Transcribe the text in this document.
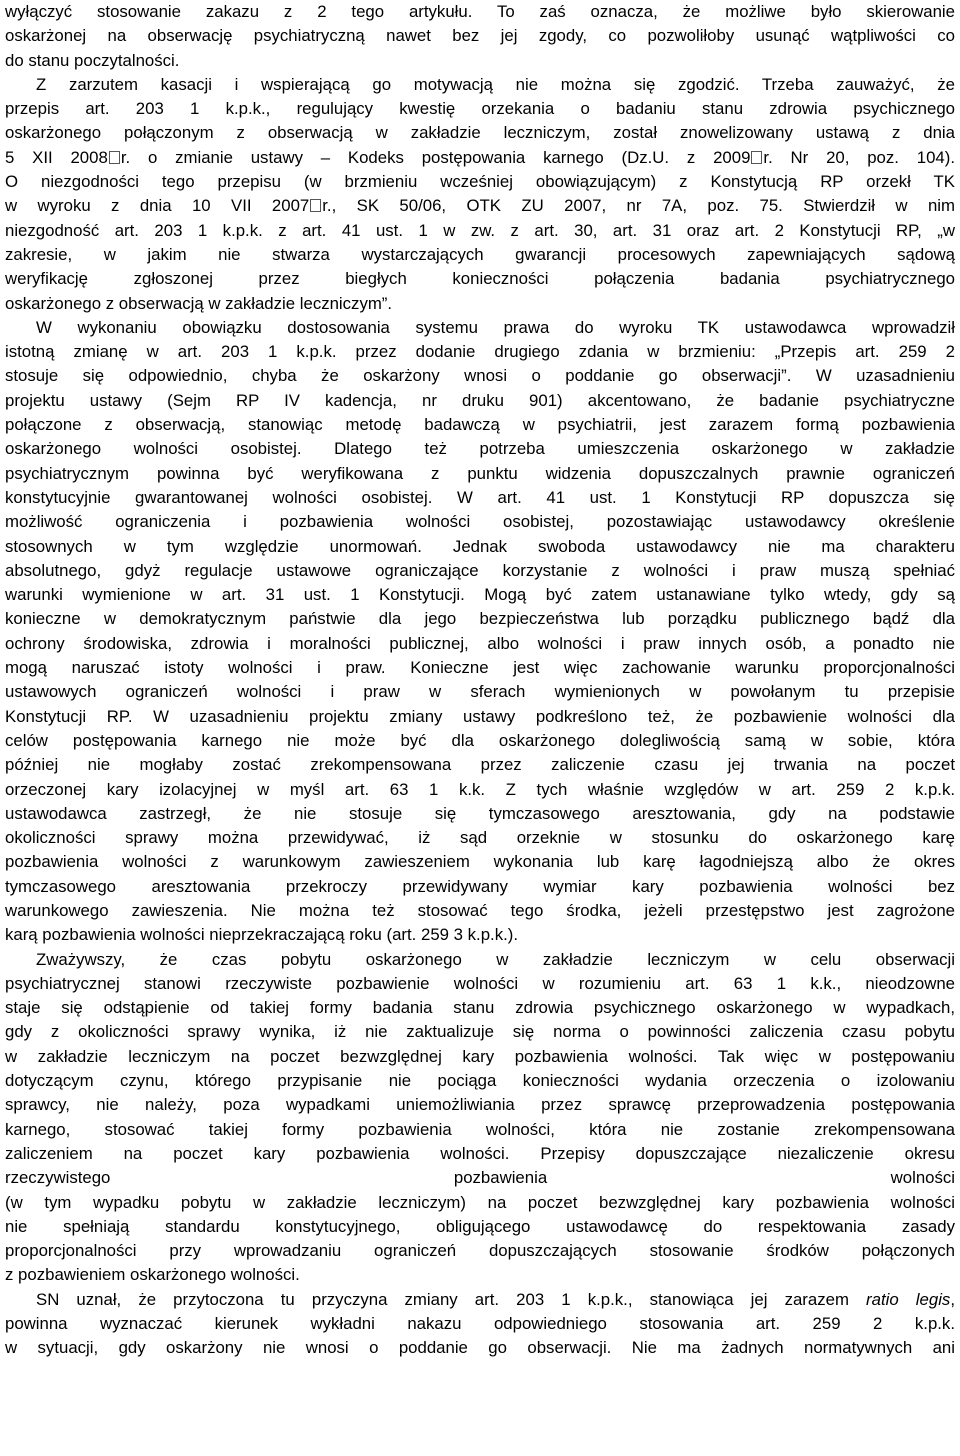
wyłączyć stosowanie zakazu z 2 tego artykułu. To zaś oznacza, że możliwe było skierowanie
oskarżonej na obserwację psychiatryczną nawet bez jej zgody, co pozwoliłoby usunąć wątpliwości co
do stanu poczytalności.
Z zarzutem kasacji i wspierającą go motywacją nie można się zgodzić. Trzeba zauważyć, że
przepis art. 203 1 k.p.k., regulujący kwestię orzekania o badaniu stanu zdrowia psychicznego
oskarżonego połączonym z obserwacją w zakładzie leczniczym, został znowelizowany ustawą z dnia
5 XII 2008 r. o zmianie ustawy – Kodeks postępowania karnego (Dz.U. z 2009 r. Nr 20, poz. 104).
O niezgodności tego przepisu (w brzmieniu wcześniej obowiązującym) z Konstytucją RP orzekł TK
w wyroku z dnia 10 VII 2007 r., SK 50/06, OTK ZU 2007, nr 7A, poz. 75. Stwierdził w nim
niezgodność art. 203 1 k.p.k. z art. 41 ust. 1 w zw. z art. 30, art. 31 oraz art. 2 Konstytucji RP, „w
zakresie, w jakim nie stwarza wystarczających gwarancji procesowych zapewniających sądową
weryfikację zgłoszonej przez biegłych konieczności połączenia badania psychiatrycznego
oskarżonego z obserwacją w zakładzie leczniczym”.
W wykonaniu obowiązku dostosowania systemu prawa do wyroku TK ustawodawca wprowadził
istotną zmianę w art. 203 1 k.p.k. przez dodanie drugiego zdania w brzmieniu: „Przepis art. 259 2
stosuje się odpowiednio, chyba że oskarżony wnosi o poddanie go obserwacji”. W uzasadnieniu
projektu ustawy (Sejm RP IV kadencja, nr druku 901) akcentowano, że badanie psychiatryczne
połączone z obserwacją, stanowiąc metodę badawczą w psychiatrii, jest zarazem formą pozbawienia
oskarżonego wolności osobistej. Dlatego też potrzeba umieszczenia oskarżonego w zakładzie
psychiatrycznym powinna być weryfikowana z punktu widzenia dopuszczalnych prawnie ograniczeń
konstytucyjnie gwarantowanej wolności osobistej. W art. 41 ust. 1 Konstytucji RP dopuszcza się
możliwość ograniczenia i pozbawienia wolności osobistej, pozostawiając ustawodawcy określenie
stosownych w tym względzie unormowań. Jednak swoboda ustawodawcy nie ma charakteru
absolutnego, gdyż regulacje ustawowe ograniczające korzystanie z wolności i praw muszą spełniać
warunki wymienione w art. 31 ust. 1 Konstytucji. Mogą być zatem ustanawiane tylko wtedy, gdy są
konieczne w demokratycznym państwie dla jego bezpieczeństwa lub porządku publicznego bądź dla
ochrony środowiska, zdrowia i moralności publicznej, albo wolności i praw innych osób, a ponadto nie
mogą naruszać istoty wolności i praw. Konieczne jest więc zachowanie warunku proporcjonalności
ustawowych ograniczeń wolności i praw w sferach wymienionych w powołanym tu przepisie
Konstytucji RP. W uzasadnieniu projektu zmiany ustawy podkreślono też, że pozbawienie wolności dla
celów postępowania karnego nie może być dla oskarżonego dolegliwością samą w sobie, która
później nie mogłaby zostać zrekompensowana przez zaliczenie czasu jej trwania na poczet
orzeczonej kary izolacyjnej w myśl art. 63 1 k.k. Z tych właśnie względów w art. 259 2 k.p.k.
ustawodawca zastrzegł, że nie stosuje się tymczasowego aresztowania, gdy na podstawie
okoliczności sprawy można przewidywać, iż sąd orzeknie w stosunku do oskarżonego karę
pozbawienia wolności z warunkowym zawieszeniem wykonania lub karę łagodniejszą albo że okres
tymczasowego aresztowania przekroczy przewidywany wymiar kary pozbawienia wolności bez
warunkowego zawieszenia. Nie można też stosować tego środka, jeżeli przestępstwo jest zagrożone
karą pozbawienia wolności nieprzekraczającą roku (art. 259 3 k.p.k.).
Zważywszy, że czas pobytu oskarżonego w zakładzie leczniczym w celu obserwacji
psychiatrycznej stanowi rzeczywiste pozbawienie wolności w rozumieniu art. 63 1 k.k., nieodzowne
staje się odstąpienie od takiej formy badania stanu zdrowia psychicznego oskarżonego w wypadkach,
gdy z okoliczności sprawy wynika, iż nie zaktualizuje się norma o powinności zaliczenia czasu pobytu
w zakładzie leczniczym na poczet bezwzględnej kary pozbawienia wolności. Tak więc w postępowaniu
dotyczącym czynu, którego przypisanie nie pociąga konieczności wydania orzeczenia o izolowaniu
sprawcy, nie należy, poza wypadkami uniemożliwiania przez sprawcę przeprowadzenia postępowania
karnego, stosować takiej formy pozbawienia wolności, która nie zostanie zrekompensowana
zaliczeniem na poczet kary pozbawienia wolności. Przepisy dopuszczające niezaliczenie okresu
rzeczywistego pozbawienia wolności
(w tym wypadku pobytu w zakładzie leczniczym) na poczet bezwzględnej kary pozbawienia wolności
nie spełniają standardu konstytucyjnego, obligującego ustawodawcę do respektowania zasady
proporcjonalności przy wprowadzaniu ograniczeń dopuszczających stosowanie środków połączonych
z pozbawieniem oskarżonego wolności.
SN uznał, że przytoczona tu przyczyna zmiany art. 203 1 k.p.k., stanowiąca jej zarazem ratio legis,
powinna wyznaczać kierunek wykładni nakazu odpowiedniego stosowania art. 259 2 k.p.k.
w sytuacji, gdy oskarżony nie wnosi o poddanie go obserwacji. Nie ma żadnych normatywnych ani
